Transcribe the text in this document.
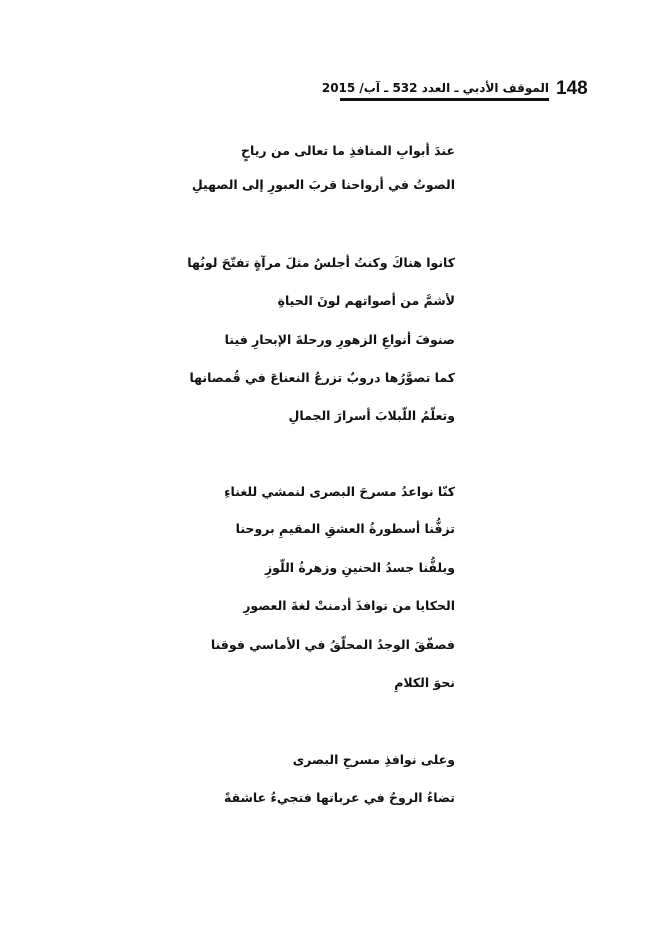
148
الموقف الأدبي ـ العدد 532 ـ آب/ 2015
عندَ أبوابِ المنافذِ ما تعالى من رياحٍ
الصوتُ في أرواحنا قربَ العبورِ إلى الصهيلِ
كانوا هناكَ وكنتُ أجلسُ مثلَ مرآةٍ تفتّحَ لونُها
لأشمَّ من أصواتهم لونَ الحياةِ
صنوفَ أنواعِ الزهورِ ورحلةَ الإبحارِ فينا
كما تصوَّرُها دروبٌ تزرعُ النعناعَ في قُمصانها
وتعلّمُ اللّبلابَ أسرارَ الجمالِ
كنّا نواعدُ مسرحَ البصرى لنمشي للغناءِ
تزفُّنا أسطورةُ العشقِ المقيمِ بروحنا
ويلفُّنا جسدُ الحنينِ وزهرةُ اللّوزِ
الحكايا من نوافذَ أدمنتْ لغةَ العصورِ
فصفّقَ الوجدُ المحلّقُ في الأماسي فوقنا
نحوَ الكلامِ
وعلى نوافذِ مسرحِ البصرى
تضاءُ الروحُ في عرباتها فتجيءُ عاشقةً
